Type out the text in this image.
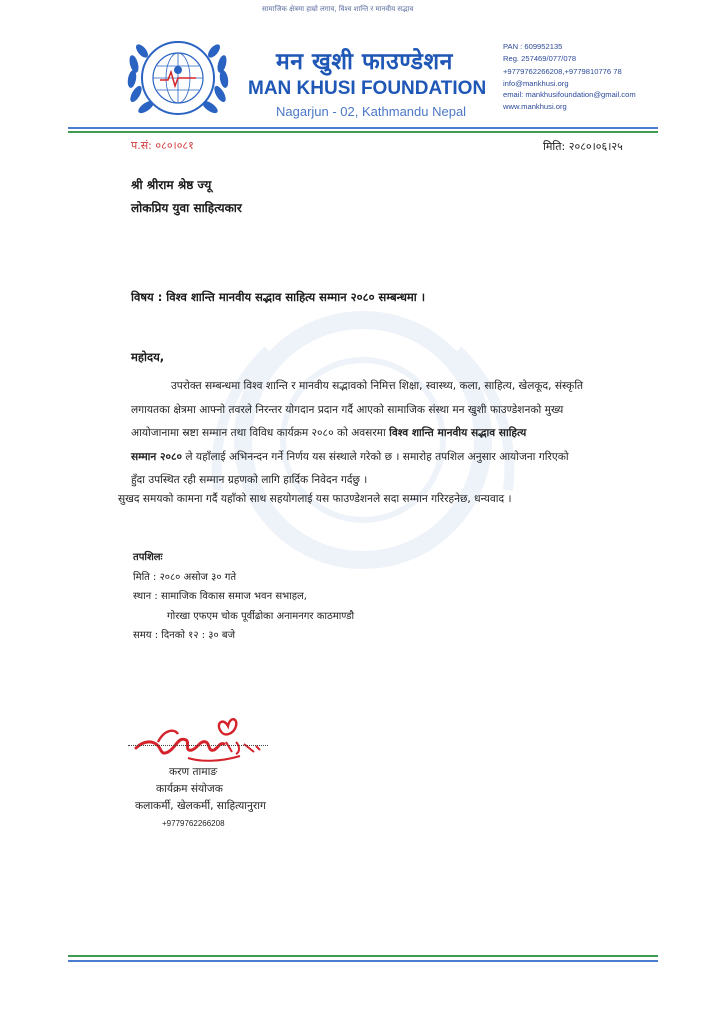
सामाजिक क्षेत्रमा हाम्रो लगाव, विश्व शान्ति र मानवीय सद्भाव
मन खुशी फाउण्डेशन
MAN KHUSI FOUNDATION
Nagarjun - 02, Kathmandu Nepal
PAN : 609952135
Reg. 257469/077/078
+9779762266208,+9779810776 78
info@mankhusi.org
email: mankhusifoundation@gmail.com
www.mankhusi.org
प.सं: ०८०।०८१	मिति: २०८०।०६।२५
श्री श्रीराम श्रेष्ठ ज्यू
लोकप्रिय युवा साहित्यकार
विषय : विश्व शान्ति मानवीय सद्भाव साहित्य सम्मान २०८० सम्बन्धमा ।
महोदय,
उपरोक्त सम्बन्धमा विश्व शान्ति र मानवीय सद्भावको निमित्त शिक्षा, स्वास्थ्य, कला, साहित्य, खेलकूद, संस्कृति
लगायतका क्षेत्रमा आफ्नो तवरले निरन्तर योगदान प्रदान गर्दै आएको सामाजिक संस्था मन खुशी फाउण्डेशनको मुख्य
आयोजानामा स्रष्टा सम्मान तथा विविध कार्यक्रम २०८० को अवसरमा विश्व शान्ति मानवीय सद्भाव साहित्य
सम्मान २०८० ले यहाँलाई अभिनन्दन गर्ने निर्णय यस संस्थाले गरेको छ । समारोह तपशिल अनुसार आयोजना गरिएको
हुँदा उपस्थित रही सम्मान ग्रहणको लागि हार्दिक निवेदन गर्दछु ।
सुखद समयको कामना गर्दै यहाँको साथ सहयोगलाई यस फाउण्डेशनले सदा सम्मान गरिरहनेछ, धन्यवाद ।
तपशिलः
मिति : २०८० असोज ३० गते
स्थान : सामाजिक विकास समाज भवन सभाहल,
गोरखा एफएम चोक पूर्वीढोका अनामनगर काठमाण्डौ
समय : दिनको १२ : ३० बजे
करण तामाङ
कार्यक्रम संयोजक
कलाकर्मी, खेलकर्मी, साहित्यानुराग
+9779762266208
